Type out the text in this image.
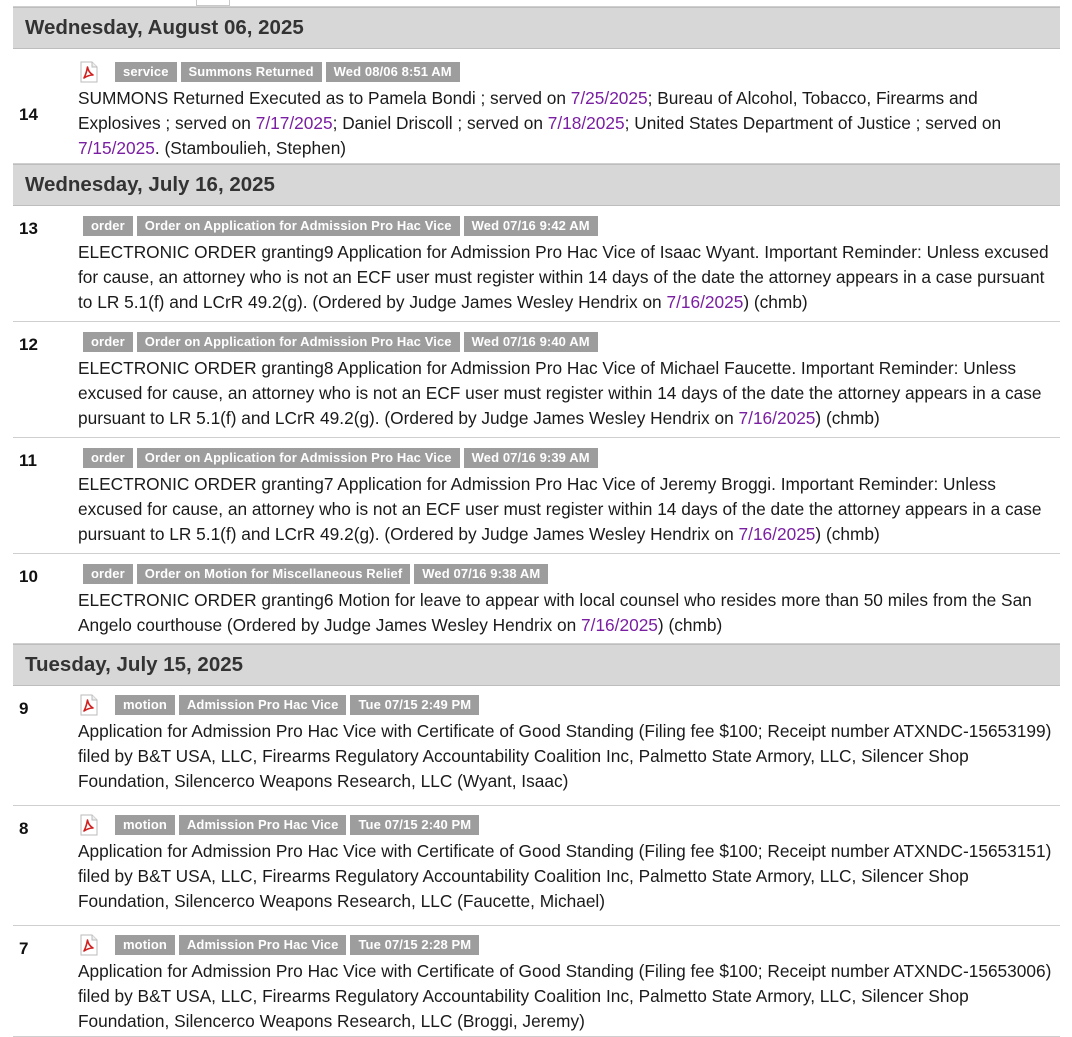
Wednesday, August 06, 2025
14
service	Summons Returned	Wed 08/06 8:51 AM
SUMMONS Returned Executed as to Pamela Bondi ; served on 7/25/2025; Bureau of Alcohol, Tobacco, Firearms and Explosives ; served on 7/17/2025; Daniel Driscoll ; served on 7/18/2025; United States Department of Justice ; served on 7/15/2025. (Stamboulieh, Stephen)
Wednesday, July 16, 2025
13	order	Order on Application for Admission Pro Hac Vice	Wed 07/16 9:42 AM
ELECTRONIC ORDER granting9 Application for Admission Pro Hac Vice of Isaac Wyant. Important Reminder: Unless excused for cause, an attorney who is not an ECF user must register within 14 days of the date the attorney appears in a case pursuant to LR 5.1(f) and LCrR 49.2(g). (Ordered by Judge James Wesley Hendrix on 7/16/2025) (chmb)
12	order	Order on Application for Admission Pro Hac Vice	Wed 07/16 9:40 AM
ELECTRONIC ORDER granting8 Application for Admission Pro Hac Vice of Michael Faucette. Important Reminder: Unless excused for cause, an attorney who is not an ECF user must register within 14 days of the date the attorney appears in a case pursuant to LR 5.1(f) and LCrR 49.2(g). (Ordered by Judge James Wesley Hendrix on 7/16/2025) (chmb)
11	order	Order on Application for Admission Pro Hac Vice	Wed 07/16 9:39 AM
ELECTRONIC ORDER granting7 Application for Admission Pro Hac Vice of Jeremy Broggi. Important Reminder: Unless excused for cause, an attorney who is not an ECF user must register within 14 days of the date the attorney appears in a case pursuant to LR 5.1(f) and LCrR 49.2(g). (Ordered by Judge James Wesley Hendrix on 7/16/2025) (chmb)
10	order	Order on Motion for Miscellaneous Relief	Wed 07/16 9:38 AM
ELECTRONIC ORDER granting6 Motion for leave to appear with local counsel who resides more than 50 miles from the San Angelo courthouse (Ordered by Judge James Wesley Hendrix on 7/16/2025) (chmb)
Tuesday, July 15, 2025
9	motion	Admission Pro Hac Vice	Tue 07/15 2:49 PM
Application for Admission Pro Hac Vice with Certificate of Good Standing (Filing fee $100; Receipt number ATXNDC-15653199) filed by B&T USA, LLC, Firearms Regulatory Accountability Coalition Inc, Palmetto State Armory, LLC, Silencer Shop Foundation, Silencerco Weapons Research, LLC (Wyant, Isaac)
8	motion	Admission Pro Hac Vice	Tue 07/15 2:40 PM
Application for Admission Pro Hac Vice with Certificate of Good Standing (Filing fee $100; Receipt number ATXNDC-15653151) filed by B&T USA, LLC, Firearms Regulatory Accountability Coalition Inc, Palmetto State Armory, LLC, Silencer Shop Foundation, Silencerco Weapons Research, LLC (Faucette, Michael)
7	motion	Admission Pro Hac Vice	Tue 07/15 2:28 PM
Application for Admission Pro Hac Vice with Certificate of Good Standing (Filing fee $100; Receipt number ATXNDC-15653006) filed by B&T USA, LLC, Firearms Regulatory Accountability Coalition Inc, Palmetto State Armory, LLC, Silencer Shop Foundation, Silencerco Weapons Research, LLC (Broggi, Jeremy)
